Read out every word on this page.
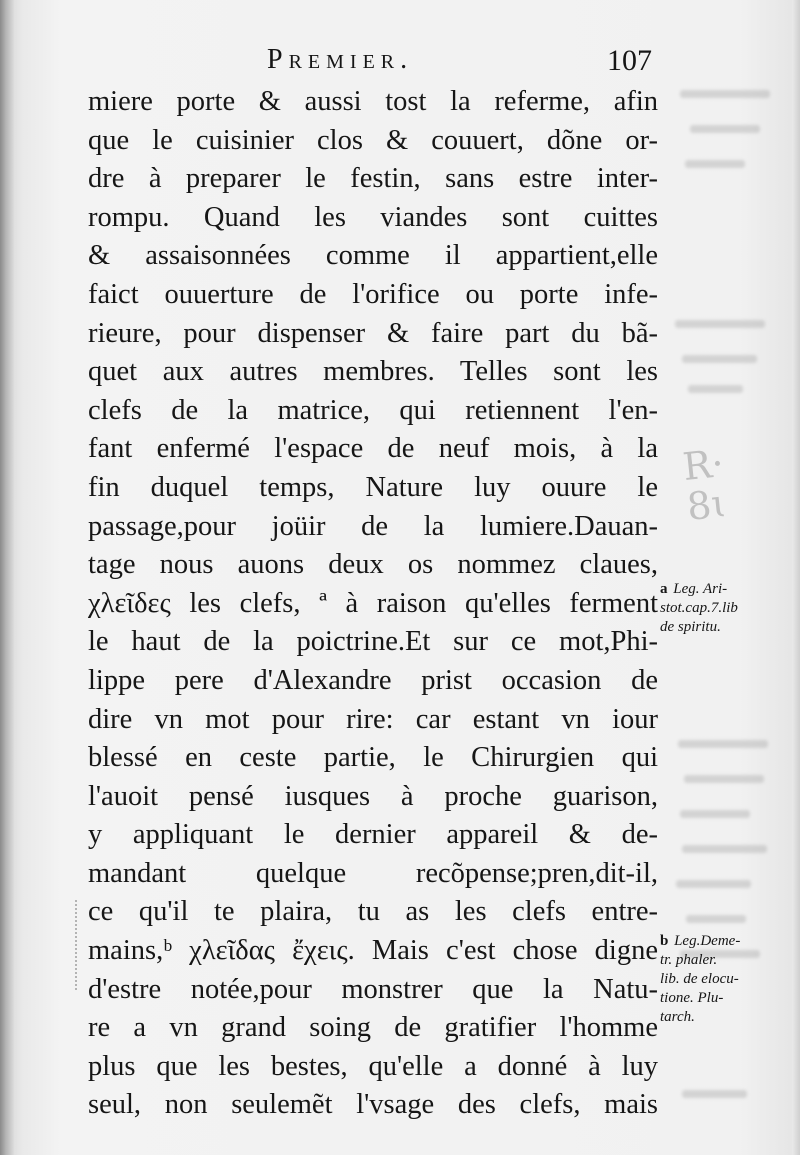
R·
8ɩ
Premier.	107
miere porte & aussi tost la referme, afin
que le cuisinier clos & couuert, dõne or-
dre à preparer le festin, sans estre inter-
rompu. Quand les viandes sont cuittes
& assaisonnées comme il appartient,elle
faict ouuerture de l'orifice ou porte infe-
rieure, pour dispenser & faire part du bã-
quet aux autres membres. Telles sont les
clefs de la matrice, qui retiennent l'en-
fant enfermé l'espace de neuf mois, à la
fin duquel temps, Nature luy ouure le
passage,pour joüir de la lumiere.Dauan-
tage nous auons deux os nommez claues,
χλεῖδες les clefs, ª à raison qu'elles ferment
le haut de la poictrine.Et sur ce mot,Phi-
lippe pere d'Alexandre prist occasion de
dire vn mot pour rire: car estant vn iour
blessé en ceste partie, le Chirurgien qui
l'auoit pensé iusques à proche guarison,
y appliquant le dernier appareil & de-
mandant quelque recõpense;pren,dit-il,
ce qu'il te plaira, tu as les clefs entre-
mains,ᵇ χλεῖδας ἔχεις. Mais c'est chose digne
d'estre notée,pour monstrer que la Natu-
re a vn grand soing de gratifier l'homme
plus que les bestes, qu'elle a donné à luy
seul, non seulemẽt l'vsage des clefs, mais
a Leg. Ari-
stot.cap.7.lib
de spiritu.
b Leg.Deme-
tr. phaler.
lib. de elocu-
tione. Plu-
tarch.
